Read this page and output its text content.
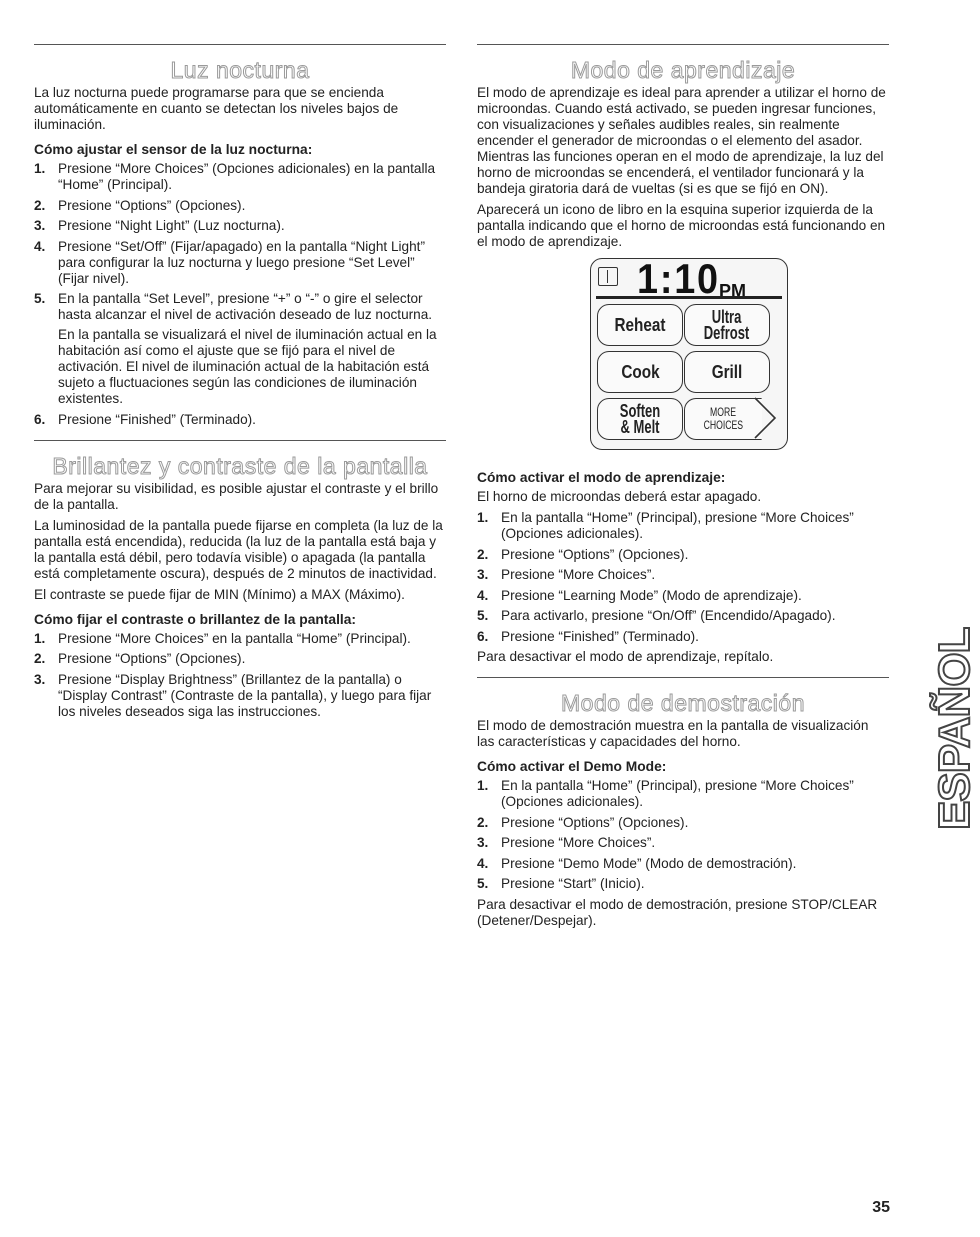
Luz nocturna

La luz nocturna puede programarse para que se encienda automáticamente en cuanto se detectan los niveles bajos de iluminación.

Cómo ajustar el sensor de la luz nocturna:
1. Presione “More Choices” (Opciones adicionales) en la pantalla “Home” (Principal).
2. Presione “Options” (Opciones).
3. Presione “Night Light” (Luz nocturna).
4. Presione “Set/Off” (Fijar/apagado) en la pantalla “Night Light” para configurar la luz nocturna y luego presione “Set Level” (Fijar nivel).
5. En la pantalla “Set Level”, presione “+” o “-” o gire el selector hasta alcanzar el nivel de activación deseado de luz nocturna.

En la pantalla se visualizará el nivel de iluminación actual en la habitación así como el ajuste que se fijó para el nivel de activación. El nivel de iluminación actual de la habitación está sujeto a fluctuaciones según las condiciones de iluminación existentes.

6. Presione “Finished” (Terminado).
Brillantez y contraste de la pantalla

Para mejorar su visibilidad, es posible ajustar el contraste y el brillo de la pantalla.

La luminosidad de la pantalla puede fijarse en completa (la luz de la pantalla está encendida), reducida (la luz de la pantalla está baja y la pantalla está débil, pero todavía visible) o apagada (la pantalla está completamente oscura), después de 2 minutos de inactividad.

El contraste se puede fijar de MIN (Mínimo) a MAX (Máximo).

Cómo fijar el contraste o brillantez de la pantalla:
1. Presione “More Choices” en la pantalla “Home” (Principal).
2. Presione “Options” (Opciones).
3. Presione “Display Brightness” (Brillantez de la pantalla) o “Display Contrast” (Contraste de la pantalla), y luego para fijar los niveles deseados siga las instrucciones.
Modo de aprendizaje

El modo de aprendizaje es ideal para aprender a utilizar el horno de microondas. Cuando está activado, se pueden ingresar funciones, con visualizaciones y señales audibles reales, sin realmente encender el generador de microondas o el elemento del asador. Mientras las funciones operan en el modo de aprendizaje, la luz del horno de microondas se encenderá, el ventilador funcionará y la bandeja giratoria dará de vueltas (si es que se fijó en ON).

Aparecerá un icono de libro en la esquina superior izquierda de la pantalla indicando que el horno de microondas está funcionando en el modo de aprendizaje.

1:10 PM
Reheat	Ultra
Defrost
Cook	Grill
Soften
& Melt
MORE
CHOICES
Cómo activar el modo de aprendizaje:

El horno de microondas deberá estar apagado.

1. En la pantalla “Home” (Principal), presione “More Choices” (Opciones adicionales).
2. Presione “Options” (Opciones).
3. Presione “More Choices”.
4. Presione “Learning Mode” (Modo de aprendizaje).
5. Para activarlo, presione “On/Off” (Encendido/Apagado).
6. Presione “Finished” (Terminado).

Para desactivar el modo de aprendizaje, repítalo.

Modo de demostración

El modo de demostración muestra en la pantalla de visualización las características y capacidades del horno.

Cómo activar el Demo Mode:
1. En la pantalla “Home” (Principal), presione “More Choices” (Opciones adicionales).
2. Presione “Options” (Opciones).
3. Presione “More Choices”.
4. Presione “Demo Mode” (Modo de demostración).
5. Presione “Start” (Inicio).

Para desactivar el modo de demostración, presione STOP/CLEAR (Detener/Despejar).

ESPAÑOL
35
